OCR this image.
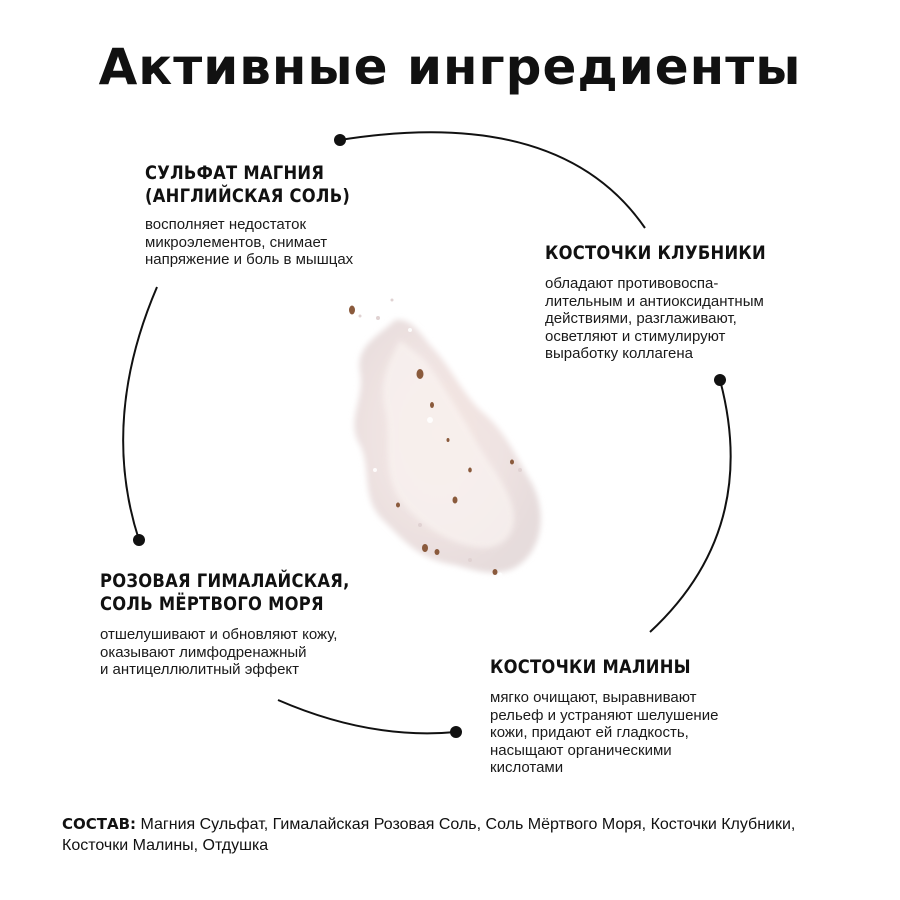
Активные ингредиенты
СУЛЬФАТ МАГНИЯ
(АНГЛИЙСКАЯ СОЛЬ)

восполняет недостаток
микроэлементов, снимает
напряжение и боль в мышцах	КОСТОЧКИ КЛУБНИКИ

обладают противовоспа-
лительным и антиоксидантным
действиями, разглаживают,
осветляют и стимулируют
выработку коллагена

РОЗОВАЯ ГИМАЛАЙСКАЯ,
СОЛЬ МЁРТВОГО МОРЯ

отшелушивают и обновляют кожу,
оказывают лимфодренажный
и антицеллюлитный эффект	КОСТОЧКИ МАЛИНЫ

мягко очищают, выравнивают
рельеф и устраняют шелушение
кожи, придают ей гладкость,
насыщают органическими
кислотами

СОСТАВ: Магния Сульфат, Гималайская Розовая Соль, Соль Мёртвого Моря, Косточки Клубники, Косточки Малины, Отдушка
